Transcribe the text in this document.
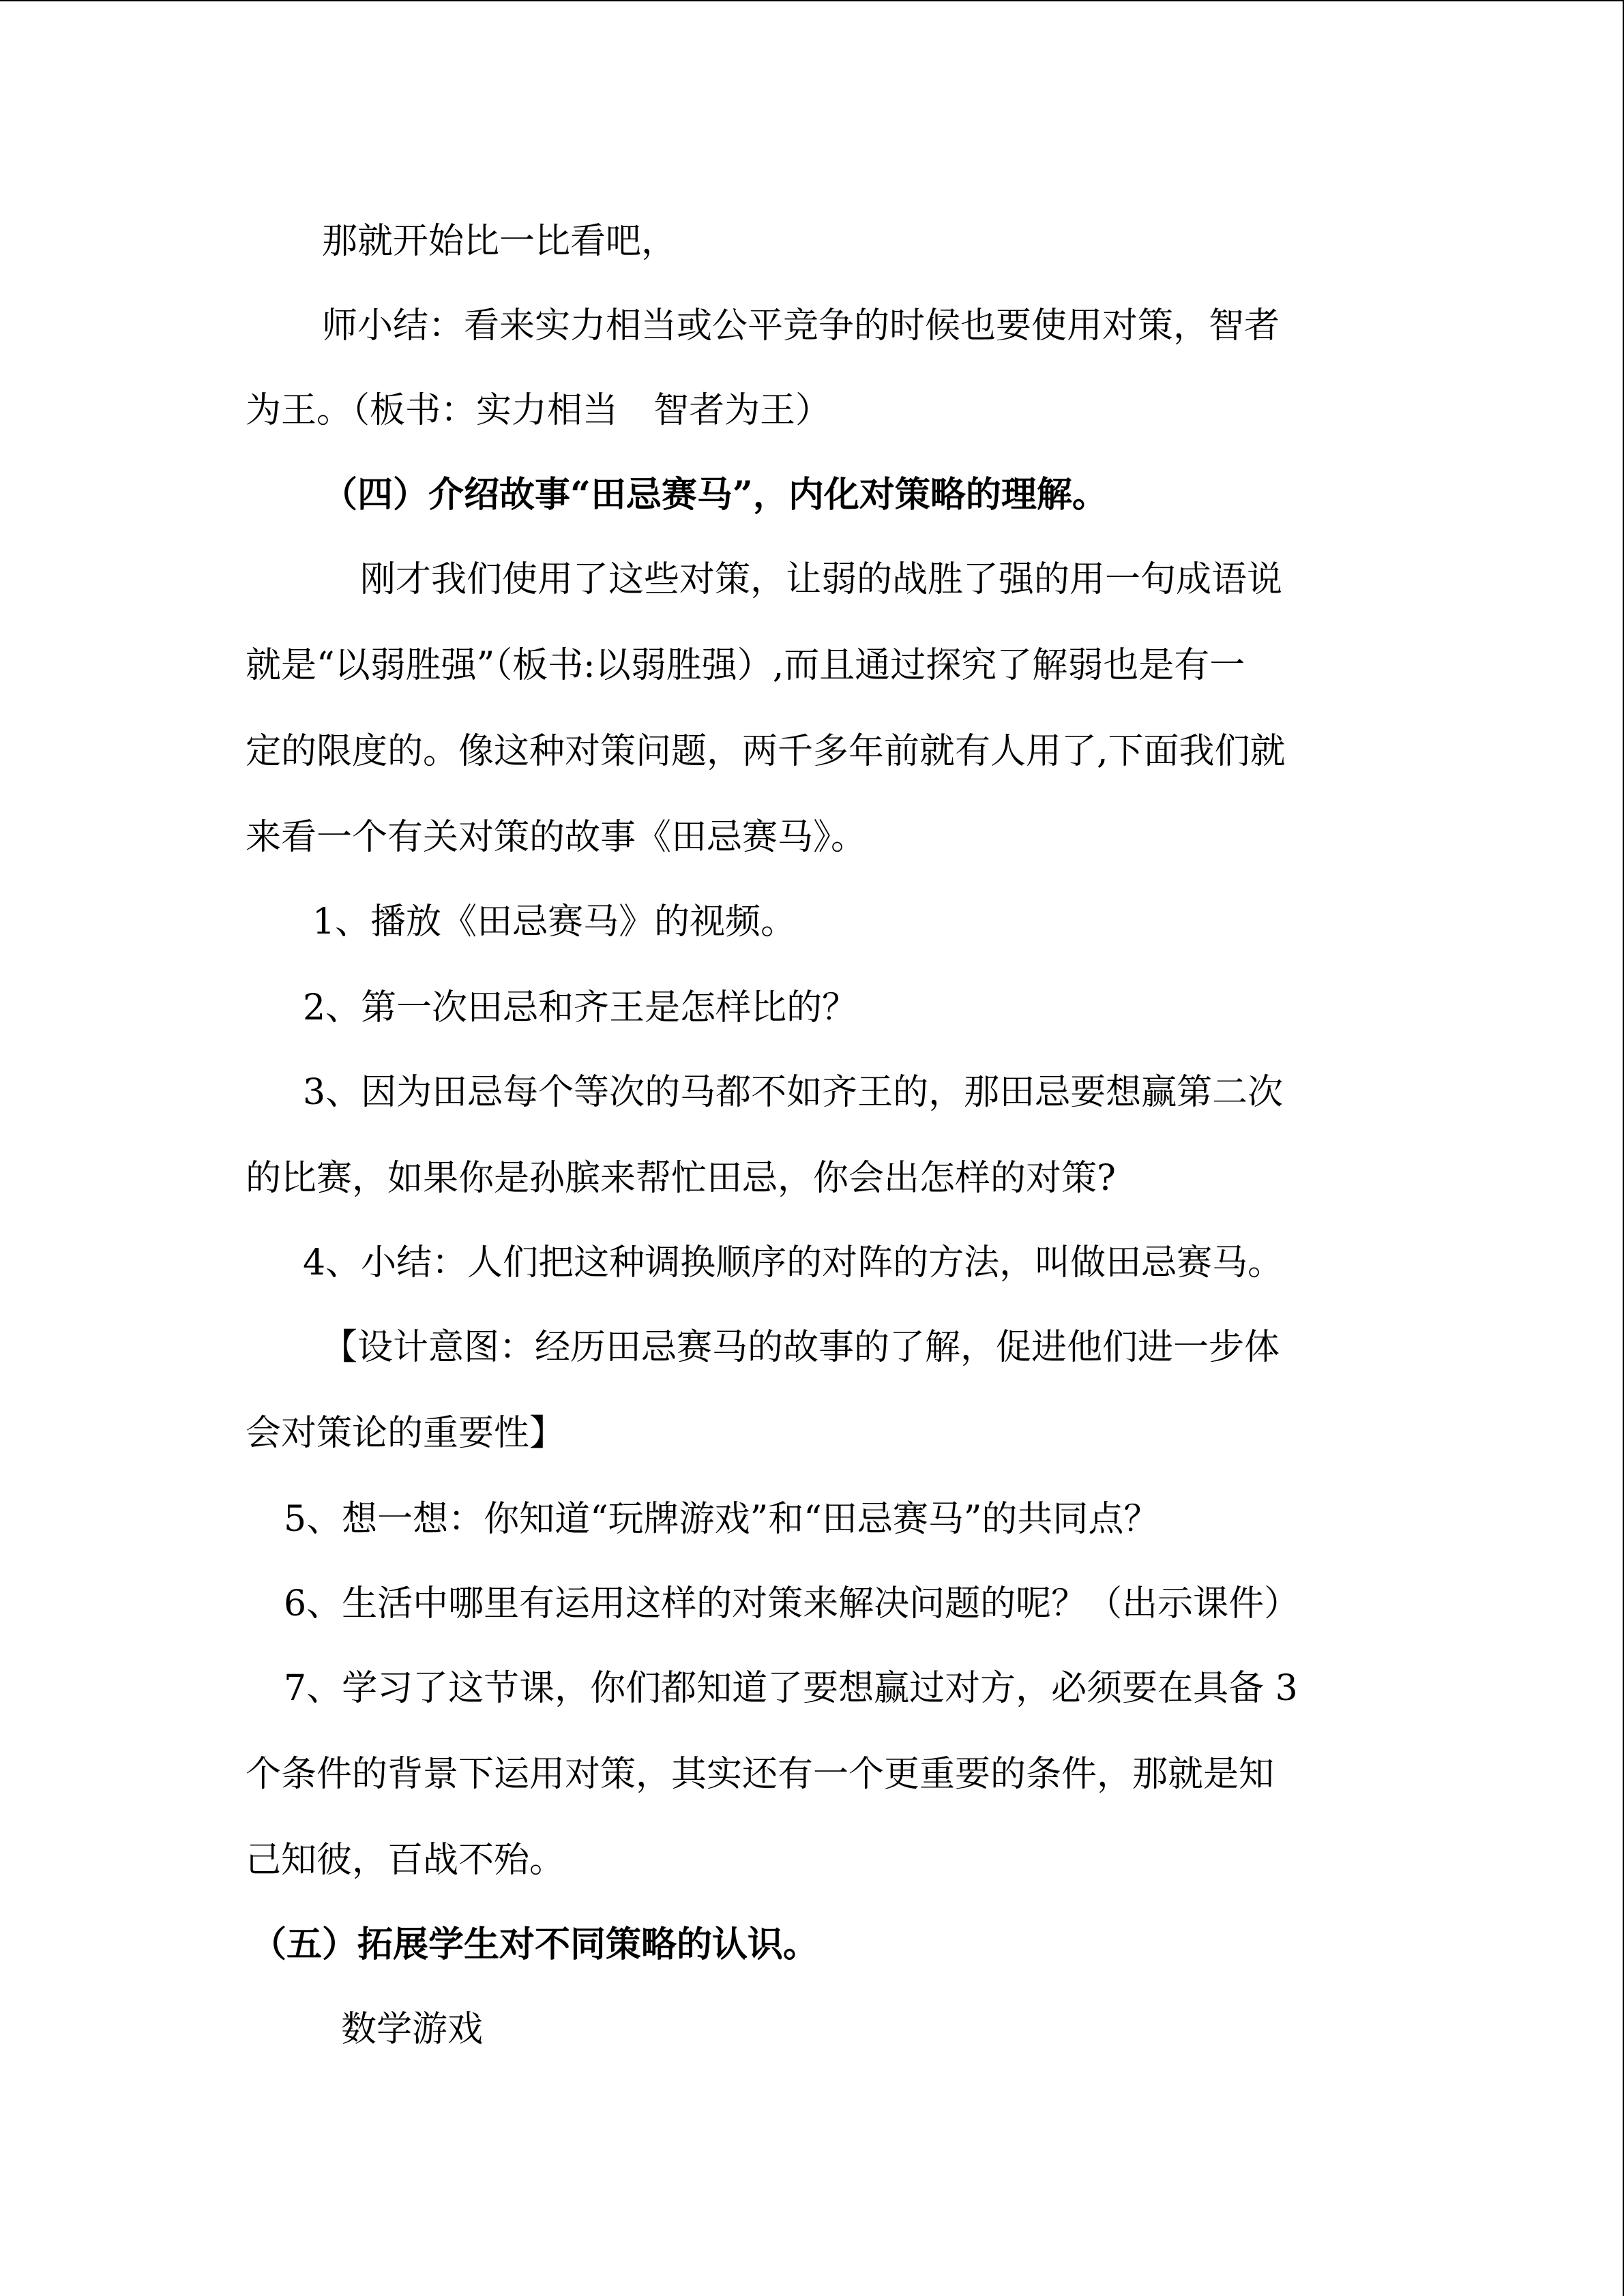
那就开始比一比看吧，
师小结：看来实力相当或公平竞争的时候也要使用对策，智者
为王。（板书：实力相当　智者为王）
（四）介绍故事“田忌赛马”，内化对策略的理解。
刚才我们使用了这些对策，让弱的战胜了强的用一句成语说
就是“以弱胜强”（板书:以弱胜强）,而且通过探究了解弱也是有一
定的限度的。像这种对策问题，两千多年前就有人用了,下面我们就
来看一个有关对策的故事《田忌赛马》。
1、播放《田忌赛马》的视频。
2、第一次田忌和齐王是怎样比的？
3、因为田忌每个等次的马都不如齐王的，那田忌要想赢第二次
的比赛，如果你是孙膑来帮忙田忌，你会出怎样的对策?
4、小结：人们把这种调换顺序的对阵的方法，叫做田忌赛马。
【设计意图：经历田忌赛马的故事的了解，促进他们进一步体
会对策论的重要性】
5、想一想：你知道“玩牌游戏”和“田忌赛马”的共同点？
6、生活中哪里有运用这样的对策来解决问题的呢？（出示课件）
7、学习了这节课，你们都知道了要想赢过对方，必须要在具备 3
个条件的背景下运用对策，其实还有一个更重要的条件，那就是知
己知彼，百战不殆。
（五）拓展学生对不同策略的认识。
数学游戏
